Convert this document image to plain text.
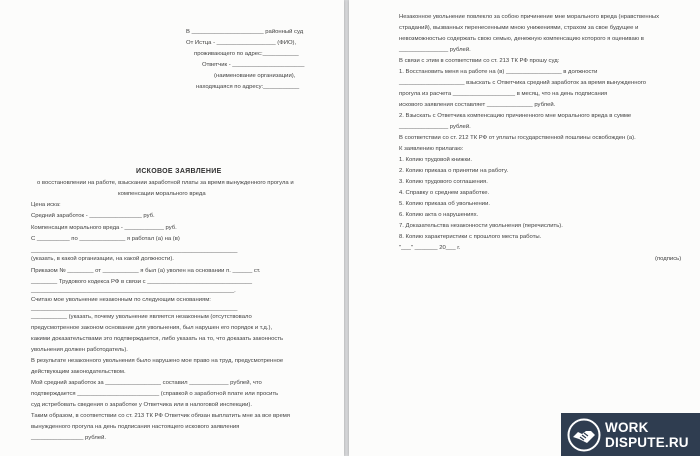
В ______________________ районный суд
От Истца - __________________ (ФИО),
проживающего по адрес:___________
Ответчик - ______________________
(наименование организации),
находящаяся по адресу:___________
ИСКОВОЕ ЗАЯВЛЕНИЕ
о восстановлении на работе, взыскании заработной платы за время вынужденного прогула и
компенсации морального вреда
Цена иска:
Средний заработок - ________________ руб.
Компенсация морального вреда - ____________ руб.
С __________ по ______________ я работал (а) на (в)
_______________________________________________________________
(указать, в какой организации, на какой должности).
Приказом № ________ от ___________ я был (а) уволен на основании п. ______ ст.
________ Трудового кодекса РФ в связи с ________________________________
______________________________________________________________.
Считаю мое увольнение незаконным по следующим основаниям:
_______________________________________________________________
___________ (указать, почему увольнение является незаконным (отсутствовало
предусмотренное законом основание для увольнения, был нарушен его порядок и т.д.),
какими доказательствами это подтверждается, либо указать на то, что доказать законность
увольнения должен работодатель).
В результате незаконного увольнения было нарушено мое право на труд, предусмотренное
действующим законодательством.
Мой средний заработок за _________________ составил ____________ рублей, что
подтверждается _________________________ (справкой о заработной плате или просить
суд истребовать сведения о заработке у Ответчика или в налоговой инспекции).
Таким образом, в соответствии со ст. 213 ТК РФ Ответчик обязан выплатить мне за все время
вынужденного прогула на день подписания настоящего искового заявления
________________ рублей.
Незаконное увольнение повлекло за собою причинение мне морального вреда (нравственных
страданий), вызванных перенесенными мною унижениями, страхом за свое будущее и
невозможностью содержать свою семью, денежную компенсацию которого я оцениваю в
_______________ рублей.
В связи с этим в соответствии со ст. 213 ТК РФ прошу суд:
1. Восстановить меня на работе на (в) _________________ в должности
____________________ взыскать с Ответчика средний заработок за время вынужденного
прогула из расчета ___________________ в месяц, что на день подписания
искового заявления составляет ______________ рублей.
2. Взыскать с Ответчика компенсацию причиненного мне морального вреда в сумме
_______________ рублей.
В соответствии со ст. 212 ТК РФ от уплаты государственной пошлины освобожден (а).
К заявлению прилагаю:
1. Копию трудовой книжки.
2. Копию приказа о принятии на работу.
3. Копию трудового соглашения.
4. Справку о среднем заработке.
5. Копию приказа об увольнении.
6. Копию акта о нарушениях.
7. Доказательства незаконности увольнения (перечислить).
8. Копию характеристики с прошлого места работы.
"___" _______ 20___ г.
(подпись)
WORK
DISPUTE.RU
